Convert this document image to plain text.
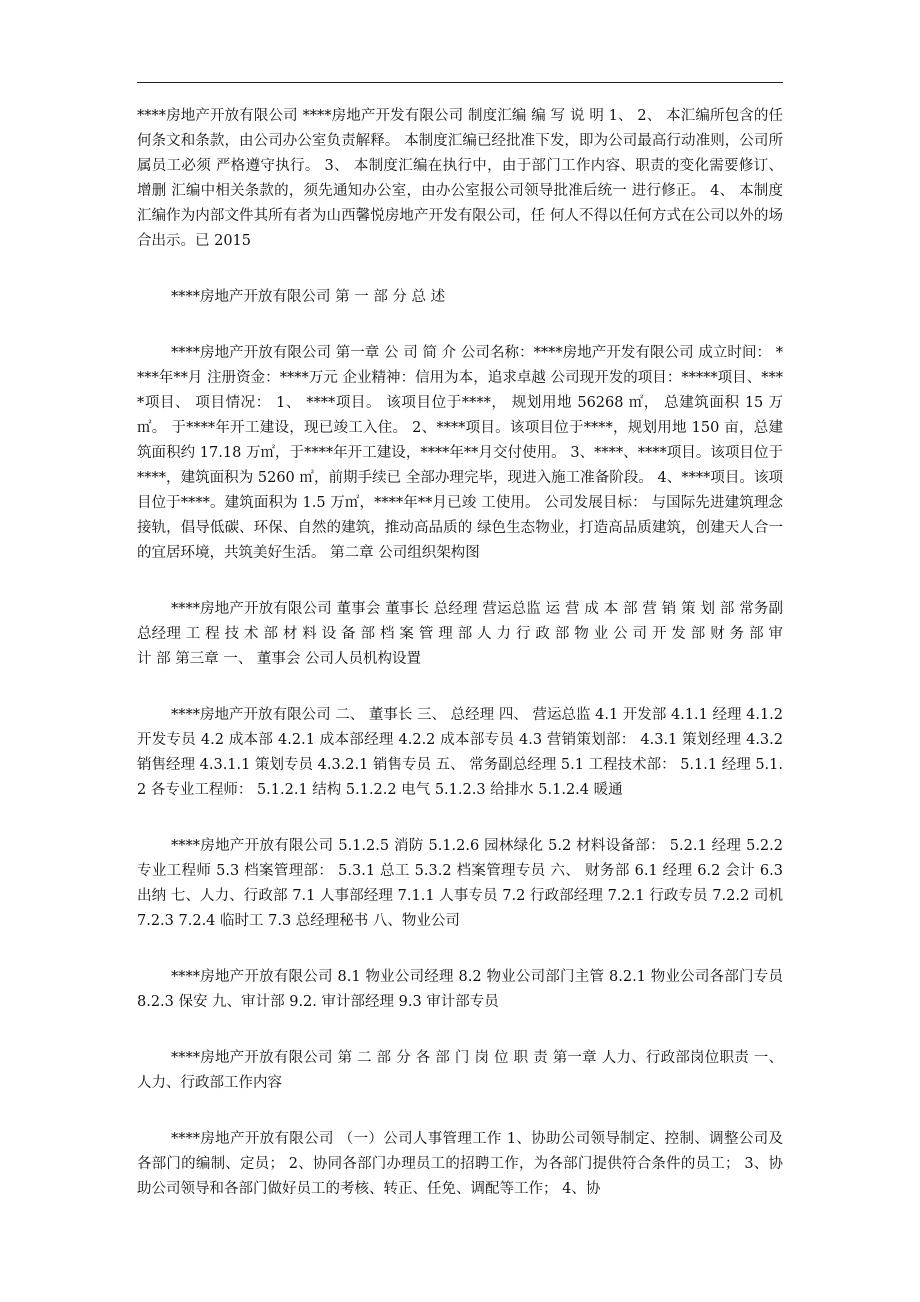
****房地产开放有限公司 ****房地产开发有限公司 制度汇编 编 写 说 明 1、 2、 本汇编所包含的任何条文和条款，由公司办公室负责解释。 本制度汇编已经批准下发，即为公司最高行动准则，公司所属员工必须 严格遵守执行。 3、 本制度汇编在执行中，由于部门工作内容、职责的变化需要修订、增删 汇编中相关条款的，须先通知办公室，由办公室报公司领导批准后统一 进行修正。 4、 本制度汇编作为内部文件其所有者为山西馨悦房地产开发有限公司，任 何人不得以任何方式在公司以外的场合出示。已 2015

****房地产开放有限公司 第 一 部 分 总 述

****房地产开放有限公司 第一章 公 司 简 介 公司名称：****房地产开发有限公司 成立时间： ****年**月 注册资金：****万元 企业精神：信用为本，追求卓越 公司现开发的项目：*****项目、****项目、 项目情况： 1、 ****项目。 该项目位于****， 规划用地 56268 ㎡， 总建筑面积 15 万㎡。 于****年开工建设，现已竣工入住。 2、****项目。该项目位于****，规划用地 150 亩，总建筑面积约 17.18 万㎡，于****年开工建设，****年**月交付使用。 3、****、****项目。该项目位于****，建筑面积为 5260 ㎡，前期手续已 全部办理完毕，现进入施工准备阶段。 4、****项目。该项目位于****。建筑面积为 1.5 万㎡，****年**月已竣 工使用。 公司发展目标： 与国际先进建筑理念接轨，倡导低碳、环保、自然的建筑，推动高品质的 绿色生态物业，打造高品质建筑，创建天人合一的宜居环境，共筑美好生活。 第二章 公司组织架构图

****房地产开放有限公司 董事会 董事长 总经理 营运总监 运 营 成 本 部 营 销 策 划 部 常务副总经理 工 程 技 术 部 材 料 设 备 部 档 案 管 理 部 人 力 行 政 部 物 业 公 司 开 发 部 财 务 部 审 计 部 第三章 一、 董事会 公司人员机构设置

****房地产开放有限公司 二、 董事长 三、 总经理 四、 营运总监 4.1 开发部 4.1.1 经理 4.1.2 开发专员 4.2 成本部 4.2.1 成本部经理 4.2.2 成本部专员 4.3 营销策划部： 4.3.1 策划经理 4.3.2 销售经理 4.3.1.1 策划专员 4.3.2.1 销售专员 五、 常务副总经理 5.1 工程技术部： 5.1.1 经理 5.1.2 各专业工程师： 5.1.2.1 结构 5.1.2.2 电气 5.1.2.3 给排水 5.1.2.4 暖通

****房地产开放有限公司 5.1.2.5 消防 5.1.2.6 园林绿化 5.2 材料设备部： 5.2.1 经理 5.2.2 专业工程师 5.3 档案管理部： 5.3.1 总工 5.3.2 档案管理专员 六、 财务部 6.1 经理 6.2 会计 6.3 出纳 七、人力、行政部 7.1 人事部经理 7.1.1 人事专员 7.2 行政部经理 7.2.1 行政专员 7.2.2 司机 7.2.3 7.2.4 临时工 7.3 总经理秘书 八、物业公司

****房地产开放有限公司 8.1 物业公司经理 8.2 物业公司部门主管 8.2.1 物业公司各部门专员 8.2.3 保安 九、审计部 9.2. 审计部经理 9.3 审计部专员

****房地产开放有限公司 第 二 部 分 各 部 门 岗 位 职 责 第一章 人力、行政部岗位职责 一、人力、行政部工作内容

****房地产开放有限公司 （一）公司人事管理工作 1、协助公司领导制定、控制、调整公司及各部门的编制、定员； 2、协同各部门办理员工的招聘工作，为各部门提供符合条件的员工； 3、协助公司领导和各部门做好员工的考核、转正、任免、调配等工作； 4、协
